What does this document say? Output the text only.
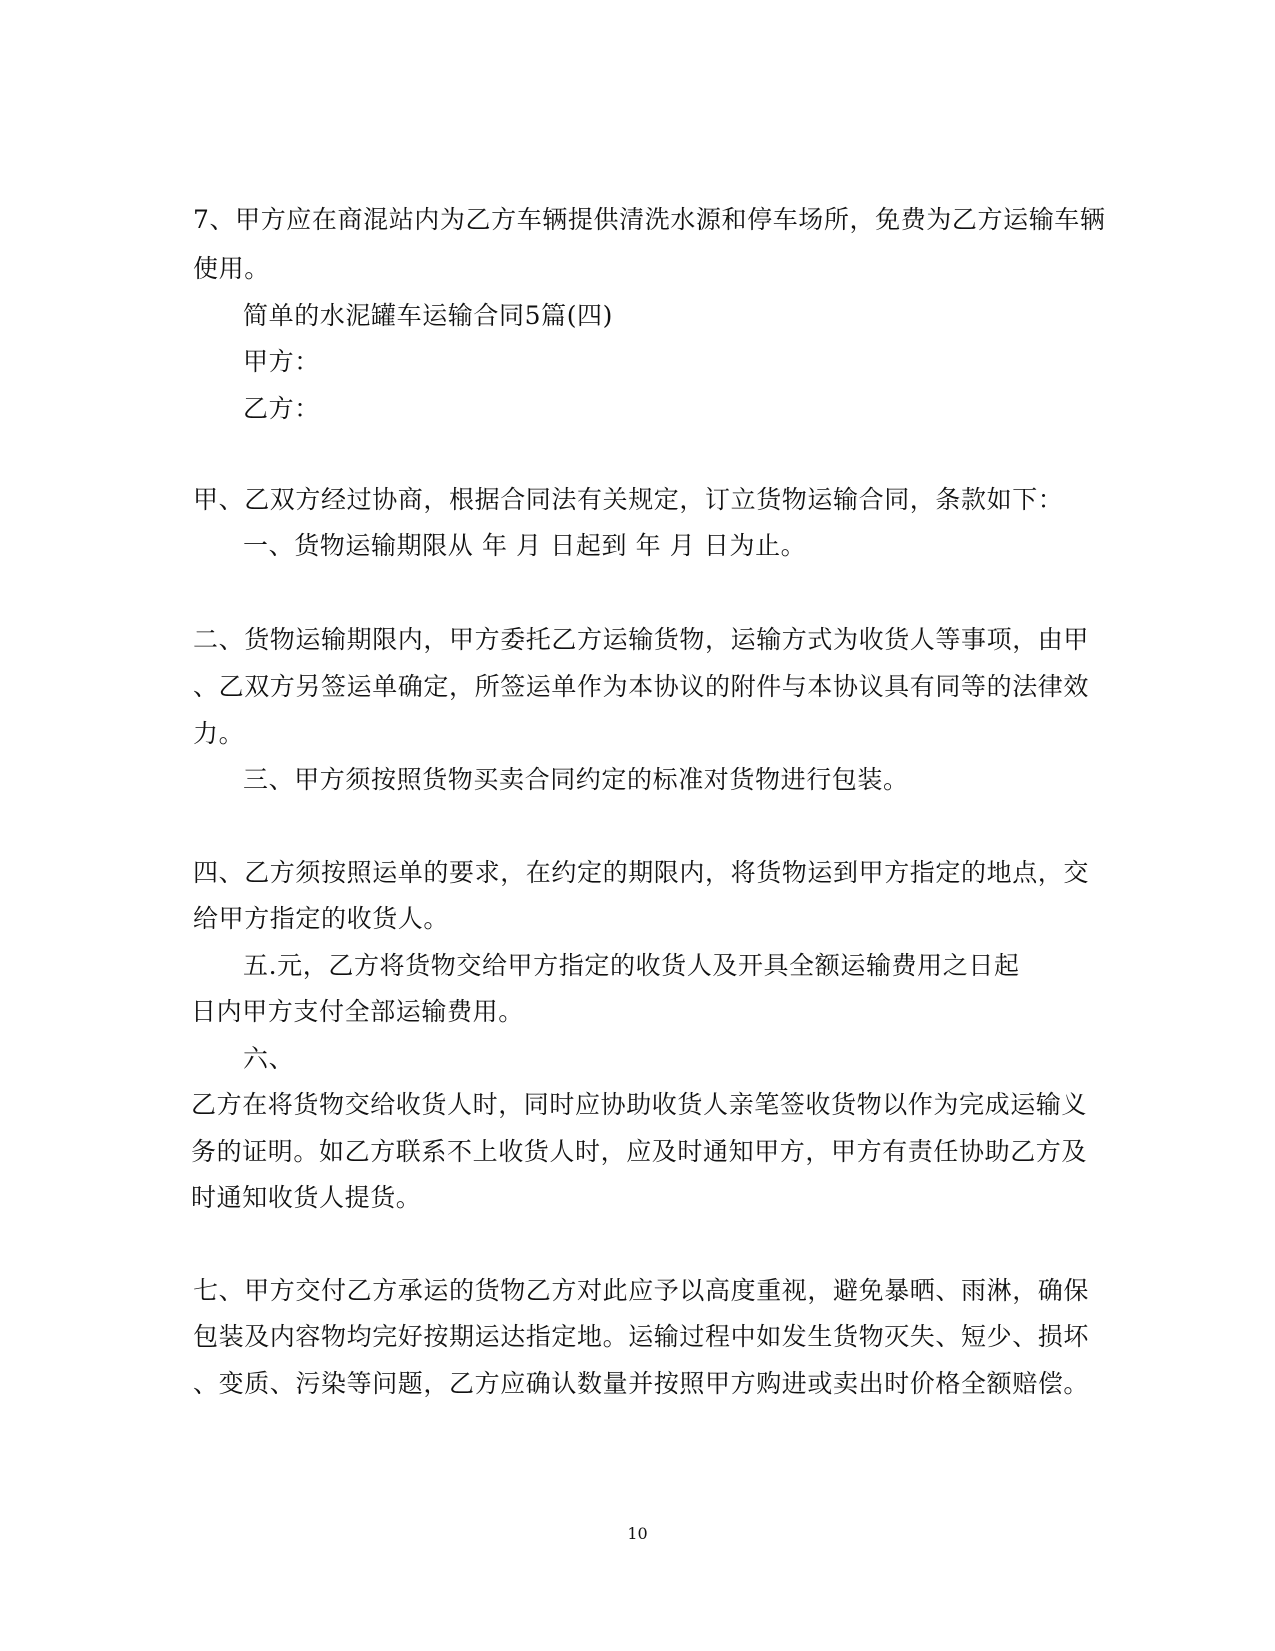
7、甲方应在商混站内为乙方车辆提供清洗水源和停车场所，免费为乙方运输车辆
使用。
简单的水泥罐车运输合同5篇(四)
甲方：
乙方：
甲、乙双方经过协商，根据合同法有关规定，订立货物运输合同，条款如下：
一、货物运输期限从 年 月 日起到 年 月 日为止。
二、货物运输期限内，甲方委托乙方运输货物，运输方式为收货人等事项，由甲
、乙双方另签运单确定，所签运单作为本协议的附件与本协议具有同等的法律效
力。
三、甲方须按照货物买卖合同约定的标准对货物进行包装。
四、乙方须按照运单的要求，在约定的期限内，将货物运到甲方指定的地点，交
给甲方指定的收货人。
五.元，乙方将货物交给甲方指定的收货人及开具全额运输费用之日起
日内甲方支付全部运输费用。
六、
乙方在将货物交给收货人时，同时应协助收货人亲笔签收货物以作为完成运输义
务的证明。如乙方联系不上收货人时，应及时通知甲方，甲方有责任协助乙方及
时通知收货人提货。
七、甲方交付乙方承运的货物乙方对此应予以高度重视，避免暴晒、雨淋，确保
包装及内容物均完好按期运达指定地。运输过程中如发生货物灭失、短少、损坏
、变质、污染等问题，乙方应确认数量并按照甲方购进或卖出时价格全额赔偿。
10
